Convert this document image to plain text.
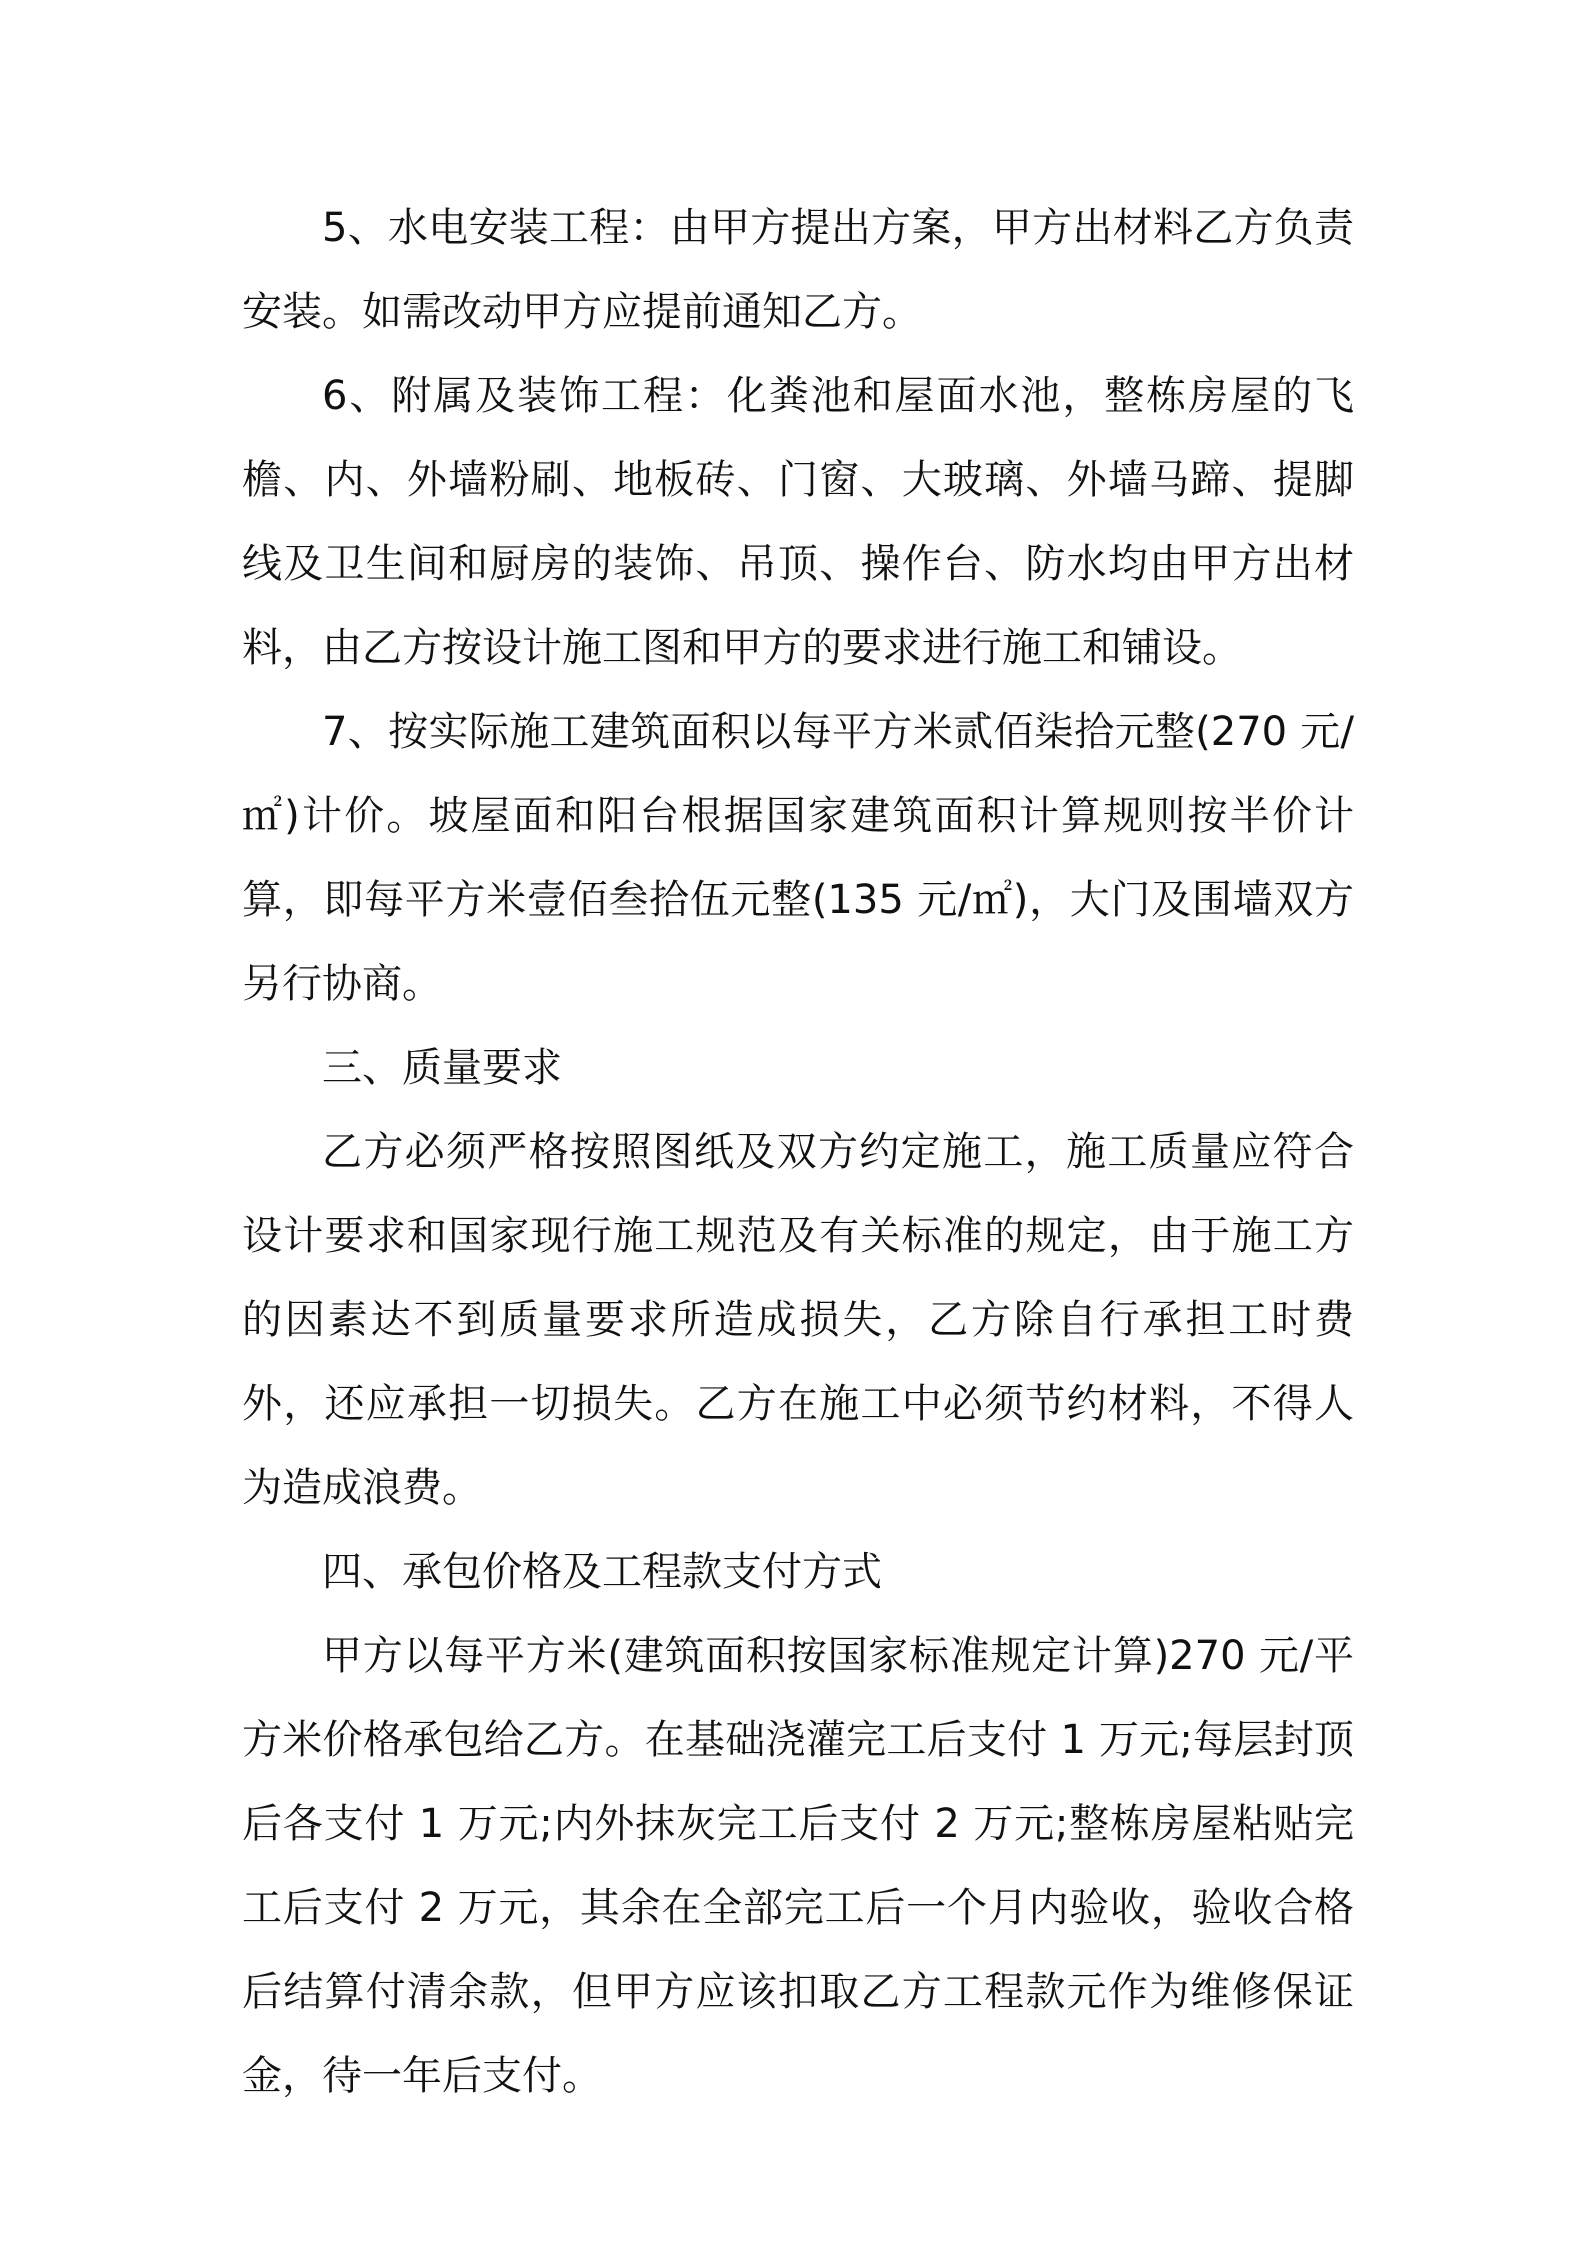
5、水电安装工程：由甲方提出方案，甲方出材料乙方负责安装。如需改动甲方应提前通知乙方。

6、附属及装饰工程：化粪池和屋面水池，整栋房屋的飞檐、内、外墙粉刷、地板砖、门窗、大玻璃、外墙马蹄、提脚线及卫生间和厨房的装饰、吊顶、操作台、防水均由甲方出材料，由乙方按设计施工图和甲方的要求进行施工和铺设。

7、按实际施工建筑面积以每平方米贰佰柒拾元整(270 元/㎡)计价。坡屋面和阳台根据国家建筑面积计算规则按半价计算，即每平方米壹佰叁拾伍元整(135 元/㎡)，大门及围墙双方另行协商。

三、质量要求

乙方必须严格按照图纸及双方约定施工，施工质量应符合设计要求和国家现行施工规范及有关标准的规定，由于施工方的因素达不到质量要求所造成损失，乙方除自行承担工时费外，还应承担一切损失。乙方在施工中必须节约材料，不得人为造成浪费。

四、承包价格及工程款支付方式

甲方以每平方米(建筑面积按国家标准规定计算)270 元/平方米价格承包给乙方。在基础浇灌完工后支付 1 万元;每层封顶后各支付 1 万元;内外抹灰完工后支付 2 万元;整栋房屋粘贴完工后支付 2 万元，其余在全部完工后一个月内验收，验收合格后结算付清余款，但甲方应该扣取乙方工程款元作为维修保证金，待一年后支付。
